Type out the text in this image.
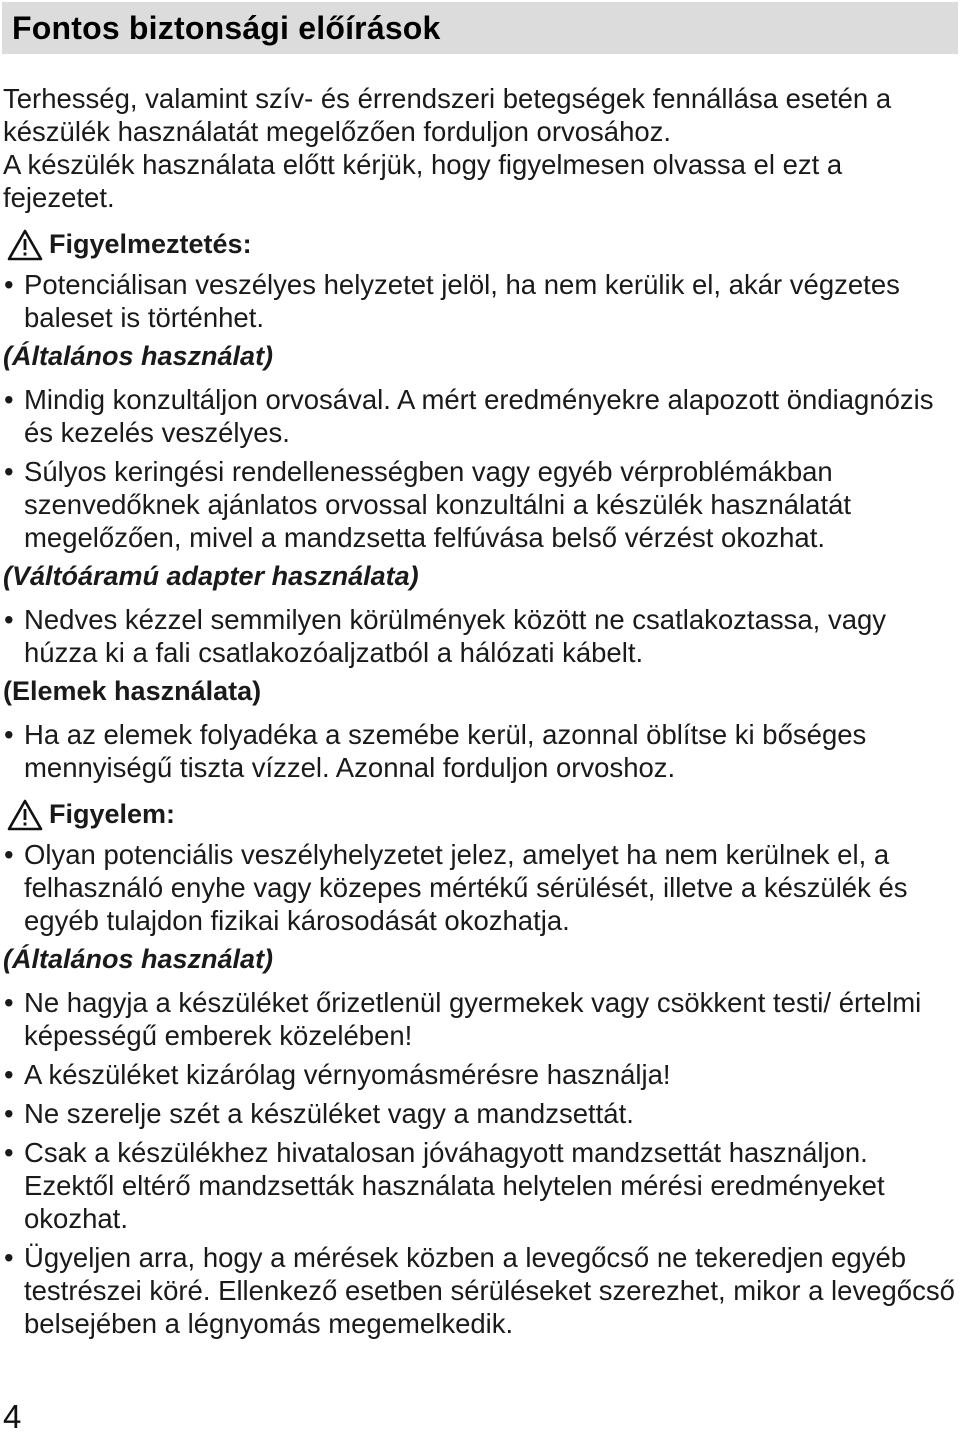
Fontos biztonsági előírások

Terhesség, valamint szív- és érrendszeri betegségek fennállása esetén a készülék használatát megelőzően forduljon orvosához.

A készülék használata előtt kérjük, hogy figyelmesen olvassa el ezt a fejezetet.

Figyelmeztetés:
• Potenciálisan veszélyes helyzetet jelöl, ha nem kerülik el, akár végzetes baleset is történhet.
(Általános használat)
• Mindig konzultáljon orvosával. A mért eredményekre alapozott öndiagnózis és kezelés veszélyes.
• Súlyos keringési rendellenességben vagy egyéb vérproblémákban szenvedőknek ajánlatos orvossal konzultálni a készülék használatát megelőzően, mivel a mandzsetta felfúvása belső vérzést okozhat.
(Váltóáramú adapter használata)
• Nedves kézzel semmilyen körülmények között ne csatlakoztassa, vagy húzza ki a fali csatlakozóaljzatból a hálózati kábelt.
(Elemek használata)
• Ha az elemek folyadéka a szemébe kerül, azonnal öblítse ki bőséges mennyiségű tiszta vízzel. Azonnal forduljon orvoshoz.
Figyelem:
• Olyan potenciális veszélyhelyzetet jelez, amelyet ha nem kerülnek el, a felhasználó enyhe vagy közepes mértékű sérülését, illetve a készülék és egyéb tulajdon fizikai károsodását okozhatja.
(Általános használat)
• Ne hagyja a készüléket őrizetlenül gyermekek vagy csökkent testi/ értelmi képességű emberek közelében!
• A készüléket kizárólag vérnyomásmérésre használja!
• Ne szerelje szét a készüléket vagy a mandzsettát.
• Csak a készülékhez hivatalosan jóváhagyott mandzsettát használjon. Ezektől eltérő mandzsetták használata helytelen mérési eredményeket okozhat.
• Ügyeljen arra, hogy a mérések közben a levegőcső ne tekeredjen egyéb testrészei köré. Ellenkező esetben sérüléseket szerezhet, mikor a levegőcső belsejében a légnyomás megemelkedik.
4
